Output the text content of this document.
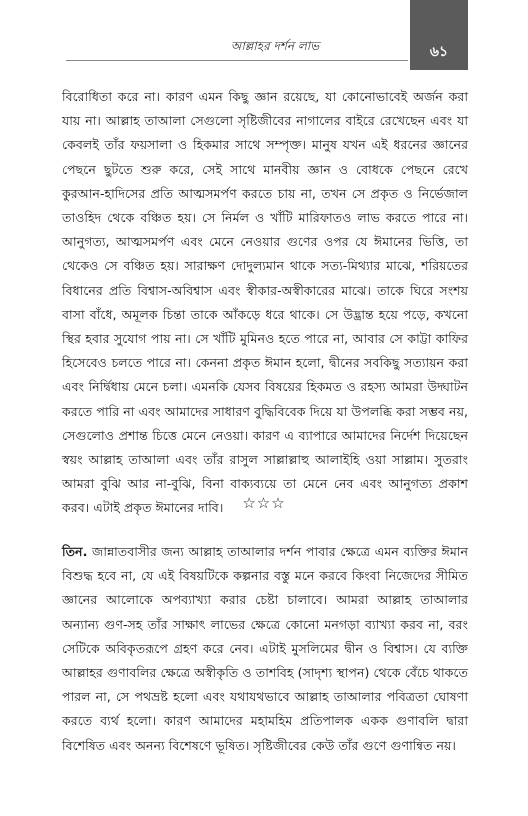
আল্লাহর দর্শন লাভ	৬১

বিরোধিতা করে না। কারণ এমন কিছু জ্ঞান রয়েছে, যা কোনোভাবেই অর্জন করা যায় না। আল্লাহ তাআলা সেগুলো সৃষ্টিজীবের নাগালের বাইরে রেখেছেন এবং যা কেবলই তাঁর ফয়সালা ও হিকমার সাথে সম্পৃক্ত। মানুষ যখন এই ধরনের জ্ঞানের পেছনে ছুটতে শুরু করে, সেই সাথে মানবীয় জ্ঞান ও বোধকে পেছনে রেখে কুরআন-হাদিসের প্রতি আত্মসমর্পণ করতে চায় না, তখন সে প্রকৃত ও নির্ভেজাল তাওহিদ থেকে বঞ্চিত হয়। সে নির্মল ও খাঁটি মারিফাতও লাভ করতে পারে না। আনুগত্য, আত্মসমর্পণ এবং মেনে নেওয়ার গুণের ওপর যে ঈমানের ভিত্তি, তা থেকেও সে বঞ্চিত হয়। সারাক্ষণ দোদুল্যমান থাকে সত্য-মিথ্যার মাঝে, শরিয়তের বিধানের প্রতি বিশ্বাস-অবিশ্বাস এবং স্বীকার-অস্বীকারের মাঝে। তাকে ঘিরে সংশয় বাসা বাঁধে, অমূলক চিন্তা তাকে আঁকড়ে ধরে থাকে। সে উদ্ভ্রান্ত হয়ে পড়ে, কখনো স্থির হবার সুযোগ পায় না। সে খাঁটি মুমিনও হতে পারে না, আবার সে কাট্টা কাফির হিসেবেও চলতে পারে না। কেননা প্রকৃত ঈমান হলো, দ্বীনের সবকিছু সত্যায়ন করা এবং নির্দ্বিধায় মেনে চলা। এমনকি যেসব বিষয়ের হিকমত ও রহস্য আমরা উদ্ঘাটন করতে পারি না এবং আমাদের সাধারণ বুদ্ধিবিবেক দিয়ে যা উপলব্ধি করা সম্ভব নয়, সেগুলোও প্রশান্ত চিত্তে মেনে নেওয়া। কারণ এ ব্যাপারে আমাদের নির্দেশ দিয়েছেন স্বয়ং আল্লাহ তাআলা এবং তাঁর রাসুল সাল্লাল্লাহু আলাইহি ওয়া সাল্লাম। সুতরাং আমরা বুঝি আর না-বুঝি, বিনা বাক্যব্যয়ে তা মেনে নেব এবং আনুগত্য প্রকাশ করব। এটাই প্রকৃত ঈমানের দাবি।	☆☆☆

তিন. জান্নাতবাসীর জন্য আল্লাহ তাআলার দর্শন পাবার ক্ষেত্রে এমন ব্যক্তির ঈমান বিশুদ্ধ হবে না, যে এই বিষয়টিকে কল্পনার বস্তু মনে করবে কিংবা নিজেদের সীমিত জ্ঞানের আলোকে অপব্যাখ্যা করার চেষ্টা চালাবে। আমরা আল্লাহ তাআলার অন্যান্য গুণ-সহ তাঁর সাক্ষাৎ লাভের ক্ষেত্রে কোনো মনগড়া ব্যাখ্যা করব না, বরং সেটিকে অবিকৃতরূপে গ্রহণ করে নেব। এটাই মুসলিমের দ্বীন ও বিশ্বাস। যে ব্যক্তি আল্লাহর গুণাবলির ক্ষেত্রে অস্বীকৃতি ও তাশবিহ (সাদৃশ্য স্থাপন) থেকে বেঁচে থাকতে পারল না, সে পথভ্রষ্ট হলো এবং যথাযথভাবে আল্লাহ তাআলার পবিত্রতা ঘোষণা করতে ব্যর্থ হলো। কারণ আমাদের মহামহিম প্রতিপালক একক গুণাবলি দ্বারা বিশেষিত এবং অনন্য বিশেষণে ভূষিত। সৃষ্টিজীবের কেউ তাঁর গুণে গুণান্বিত নয়।
